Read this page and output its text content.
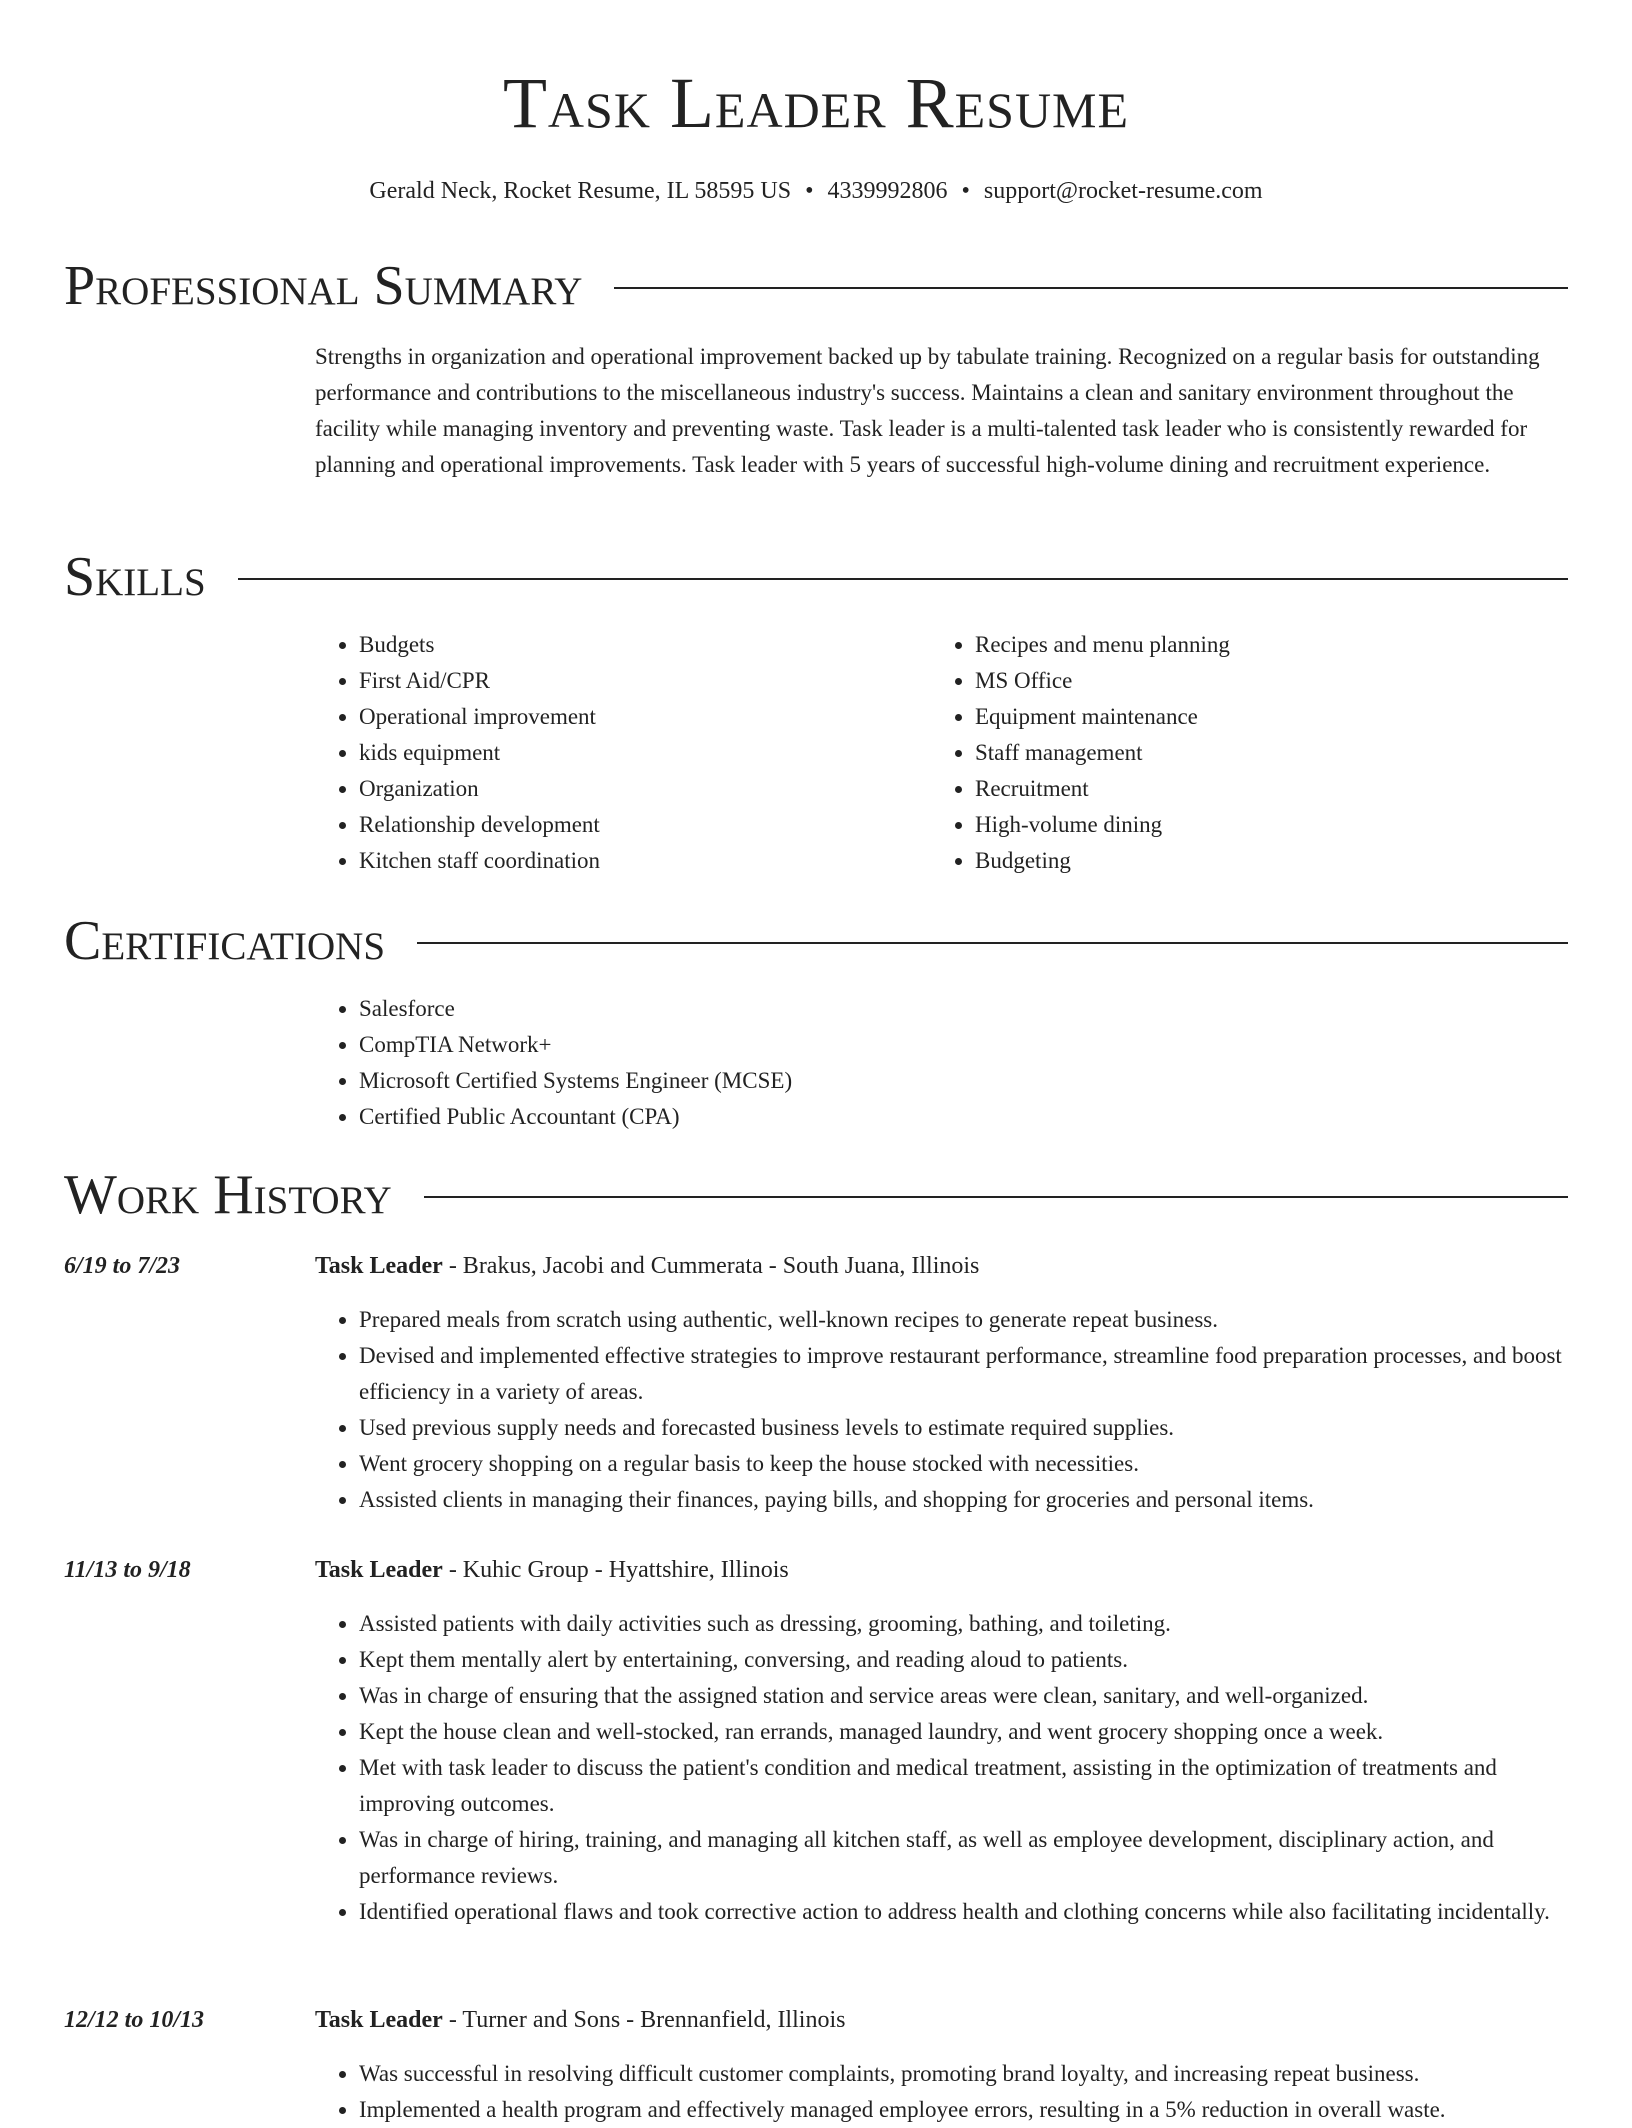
Task Leader Resume
Gerald Neck, Rocket Resume, IL 58595 US • 4339992806 • support@rocket-resume.com
Professional Summary

Strengths in organization and operational improvement backed up by tabulate training. Recognized on a regular basis for outstanding performance and contributions to the miscellaneous industry's success. Maintains a clean and sanitary environment throughout the facility while managing inventory and preventing waste. Task leader is a multi-talented task leader who is consistently rewarded for planning and operational improvements. Task leader with 5 years of successful high-volume dining and recruitment experience.

Skills
• Budgets
• First Aid/CPR
• Operational improvement
• kids equipment
• Organization
• Relationship development
• Kitchen staff coordination
• Recipes and menu planning
• MS Office
• Equipment maintenance
• Staff management
• Recruitment
• High-volume dining
• Budgeting
Certifications
• Salesforce
• CompTIA Network+
• Microsoft Certified Systems Engineer (MCSE)
• Certified Public Accountant (CPA)
Work History
6/19 to 7/23	Task Leader - Brakus, Jacobi and Cummerata - South Juana, Illinois
• Prepared meals from scratch using authentic, well-known recipes to generate repeat business.
• Devised and implemented effective strategies to improve restaurant performance, streamline food preparation processes, and boost efficiency in a variety of areas.
• Used previous supply needs and forecasted business levels to estimate required supplies.
• Went grocery shopping on a regular basis to keep the house stocked with necessities.
• Assisted clients in managing their finances, paying bills, and shopping for groceries and personal items.
11/13 to 9/18	Task Leader - Kuhic Group - Hyattshire, Illinois
• Assisted patients with daily activities such as dressing, grooming, bathing, and toileting.
• Kept them mentally alert by entertaining, conversing, and reading aloud to patients.
• Was in charge of ensuring that the assigned station and service areas were clean, sanitary, and well-organized.
• Kept the house clean and well-stocked, ran errands, managed laundry, and went grocery shopping once a week.
• Met with task leader to discuss the patient's condition and medical treatment, assisting in the optimization of treatments and improving outcomes.
• Was in charge of hiring, training, and managing all kitchen staff, as well as employee development, disciplinary action, and performance reviews.
• Identified operational flaws and took corrective action to address health and clothing concerns while also facilitating incidentally.
12/12 to 10/13	Task Leader - Turner and Sons - Brennanfield, Illinois
• Was successful in resolving difficult customer complaints, promoting brand loyalty, and increasing repeat business.
• Implemented a health program and effectively managed employee errors, resulting in a 5% reduction in overall waste.
